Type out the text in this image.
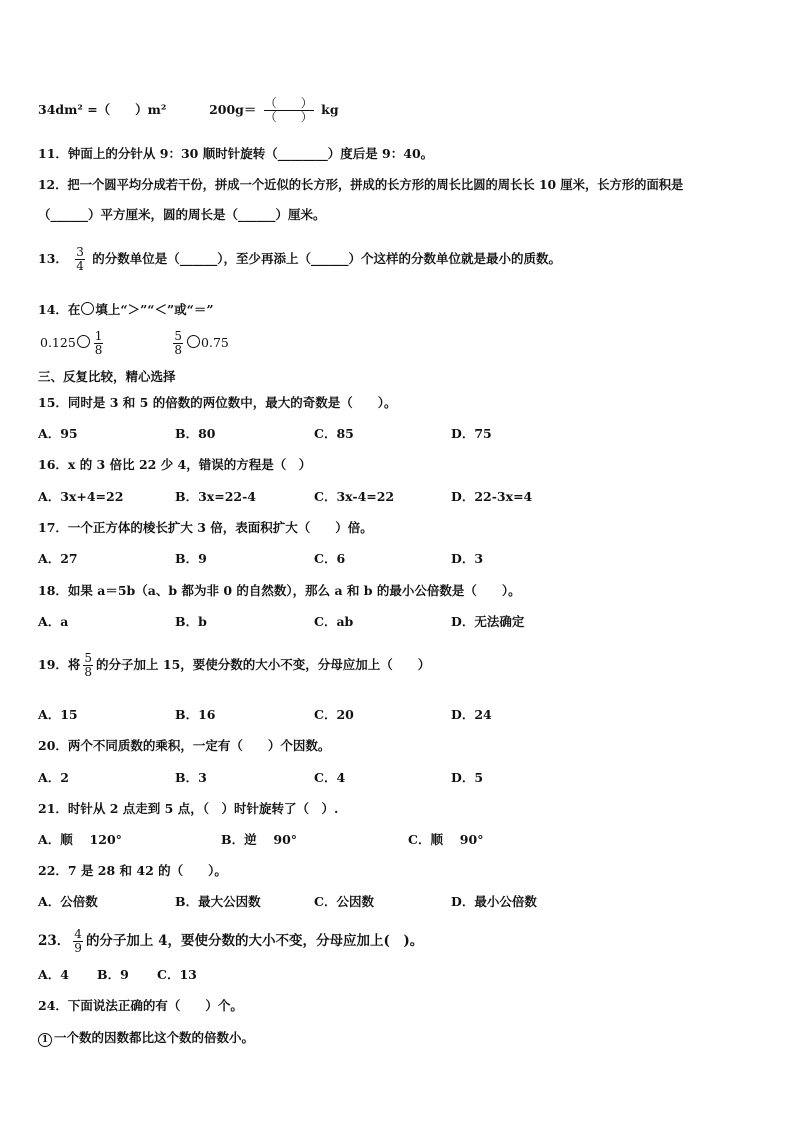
34dm² =（　　）m²	$200g= \frac{( )}{( )}$ kg
11．钟面上的分针从 9：30 顺时针旋转（________）度后是 9：40。
12．把一个圆平均分成若干份，拼成一个近似的长方形，拼成的长方形的周长比圆的周长长 10 厘米，长方形的面积是
（______）平方厘米，圆的周长是（______）厘米。
13． $\frac{3}{4}$ 的分数单位是（______），至少再添上（______）个这样的分数单位就是最小的质数。
14．在 填上“＞”“＜”或“＝”
$0.125 \frac{1}{8}$
	$\frac{5}{8} 0.75$
三、反复比较，精心选择
15．同时是 3 和 5 的倍数的两位数中，最大的奇数是（　　）。
A．95	B．80	C．85	D．75
16．x 的 3 倍比 22 少 4，错误的方程是（　）
A．3x+4=22	B．3x=22-4	C．3x-4=22	D．22-3x=4
17．一个正方体的棱长扩大 3 倍，表面积扩大（　　）倍。
A．27	B．9	C．6	D．3
18．如果 a＝5b（a、b 都为非 0 的自然数），那么 a 和 b 的最小公倍数是（　　）。
A．a	B．b	C．ab	D．无法确定
19．将 $\frac{5}{8}$ 的分子加上 15，要使分数的大小不变，分母应加上（　　）
A．15	B．16	C．20	D．24
20．两个不同质数的乘积，一定有（　　）个因数。
A．2	B．3	C．4	D．5
21．时针从 2 点走到 5 点，（　）时针旋转了（　）.
A．顺　 120°	B．逆　 90°	C．顺　 90°
22．7 是 28 和 42 的（　　）。
A．公倍数	B．最大公因数	C．公因数	D．最小公倍数
23． $\frac{4}{9}$ 的分子加上 4，要使分数的大小不变，分母应加上(　)。
A．4 B．9 C．13
24．下面说法正确的有（　　）个。
1 一个数的因数都比这个数的倍数小。
